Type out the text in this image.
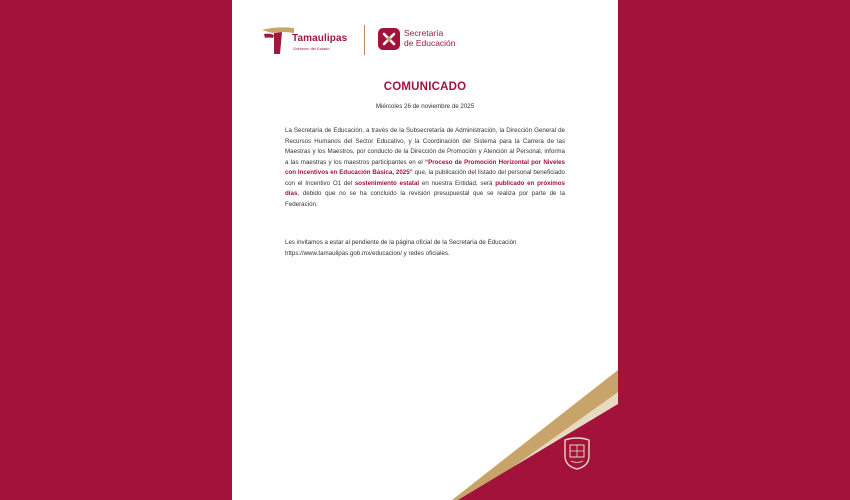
Tamaulipas
Gobierno del Estado
Secretaría
de Educación
COMUNICADO
Miércoles 26 de noviembre de 2025
La Secretaría de Educación, a través de la Subsecretaría de Administración, la Dirección General de Recursos Humanos del Sector Educativo, y la Coordinación del Sistema para la Carrera de las Maestras y los Maestros, por conducto de la Dirección de Promoción y Atención al Personal, informa a las maestras y los maestros participantes en el “Proceso de Promoción Horizontal por Niveles con Incentivos en Educación Básica, 2025” que, la publicación del listado del personal beneficiado con el Incentivo O1 del sostenimiento estatal en nuestra Entidad, será publicado en próximos días, debido que no se ha concluido la revisión presupuestal que se realiza por parte de la Federación.
Les invitamos a estar al pendiente de la página oficial de la Secretaría de Educación
https://www.tamaulipas.gob.mx/educacion/ y redes oficiales.
